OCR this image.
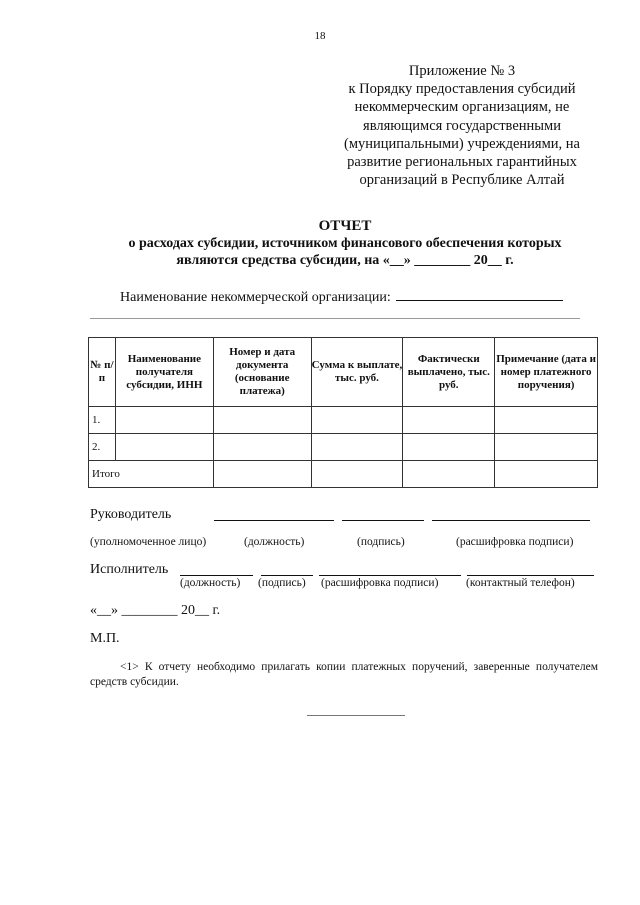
18
Приложение № 3
к Порядку предоставления субсидий
некоммерческим организациям, не
являющимся государственными
(муниципальными) учреждениями, на
развитие региональных гарантийных
организаций в Республике Алтай
ОТЧЕТ
о расходах субсидии, источником финансового обеспечения которых
являются средства субсидии, на «__» ________ 20__ г.
Наименование некоммерческой организации:
№ п/п	Наименование получателя субсидии, ИНН	Номер и дата документа (основание платежа)	Сумма к выплате, тыс. руб.	Фактически выплачено, тыс. руб.	Примечание (дата и номер платежного поручения)
1.					
2.					
Итого					
Руководитель
(уполномоченное лицо)	(должность)	(подпись)	(расшифровка подписи)
Исполнитель
(должность) (подпись) (расшифровка подписи) (контактный телефон)
«__» ________ 20__ г.
М.П.
<1> К отчету необходимо прилагать копии платежных поручений, заверенные получателем средств субсидии.
